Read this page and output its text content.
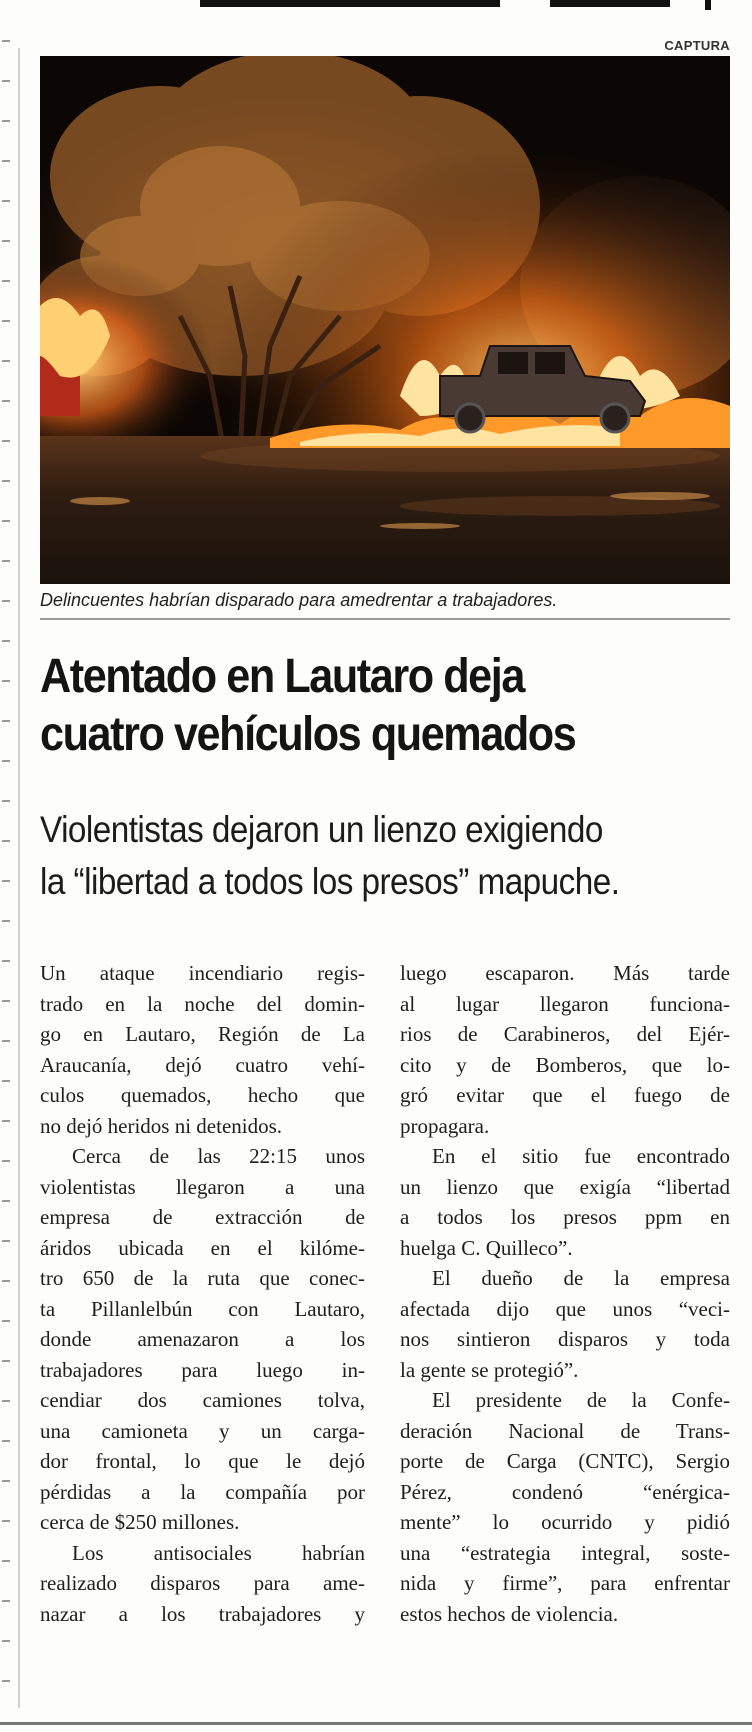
CAPTURA
Delincuentes habrían disparado para amedrentar a trabajadores.
Atentado en Lautaro deja
cuatro vehículos quemados
Violentistas dejaron un lienzo exigiendo
la “libertad a todos los presos” mapuche.
Un ataque incendiario regis-
trado en la noche del domin-
go en Lautaro, Región de La
Araucanía, dejó cuatro vehí-
culos quemados, hecho que
no dejó heridos ni detenidos.
Cerca de las 22:15 unos
violentistas llegaron a una
empresa de extracción de
áridos ubicada en el kilóme-
tro 650 de la ruta que conec-
ta Pillanlelbún con Lautaro,
donde amenazaron a los
trabajadores para luego in-
cendiar dos camiones tolva,
una camioneta y un carga-
dor frontal, lo que le dejó
pérdidas a la compañía por
cerca de $250 millones.
Los antisociales habrían
realizado disparos para ame-
nazar a los trabajadores y
luego escaparon. Más tarde
al lugar llegaron funciona-
rios de Carabineros, del Ejér-
cito y de Bomberos, que lo-
gró evitar que el fuego de
propagara.
En el sitio fue encontrado
un lienzo que exigía “libertad
a todos los presos ppm en
huelga C. Quilleco”.
El dueño de la empresa
afectada dijo que unos “veci-
nos sintieron disparos y toda
la gente se protegió”.
El presidente de la Confe-
deración Nacional de Trans-
porte de Carga (CNTC), Sergio
Pérez, condenó “enérgica-
mente” lo ocurrido y pidió
una “estrategia integral, soste-
nida y firme”, para enfrentar
estos hechos de violencia.
